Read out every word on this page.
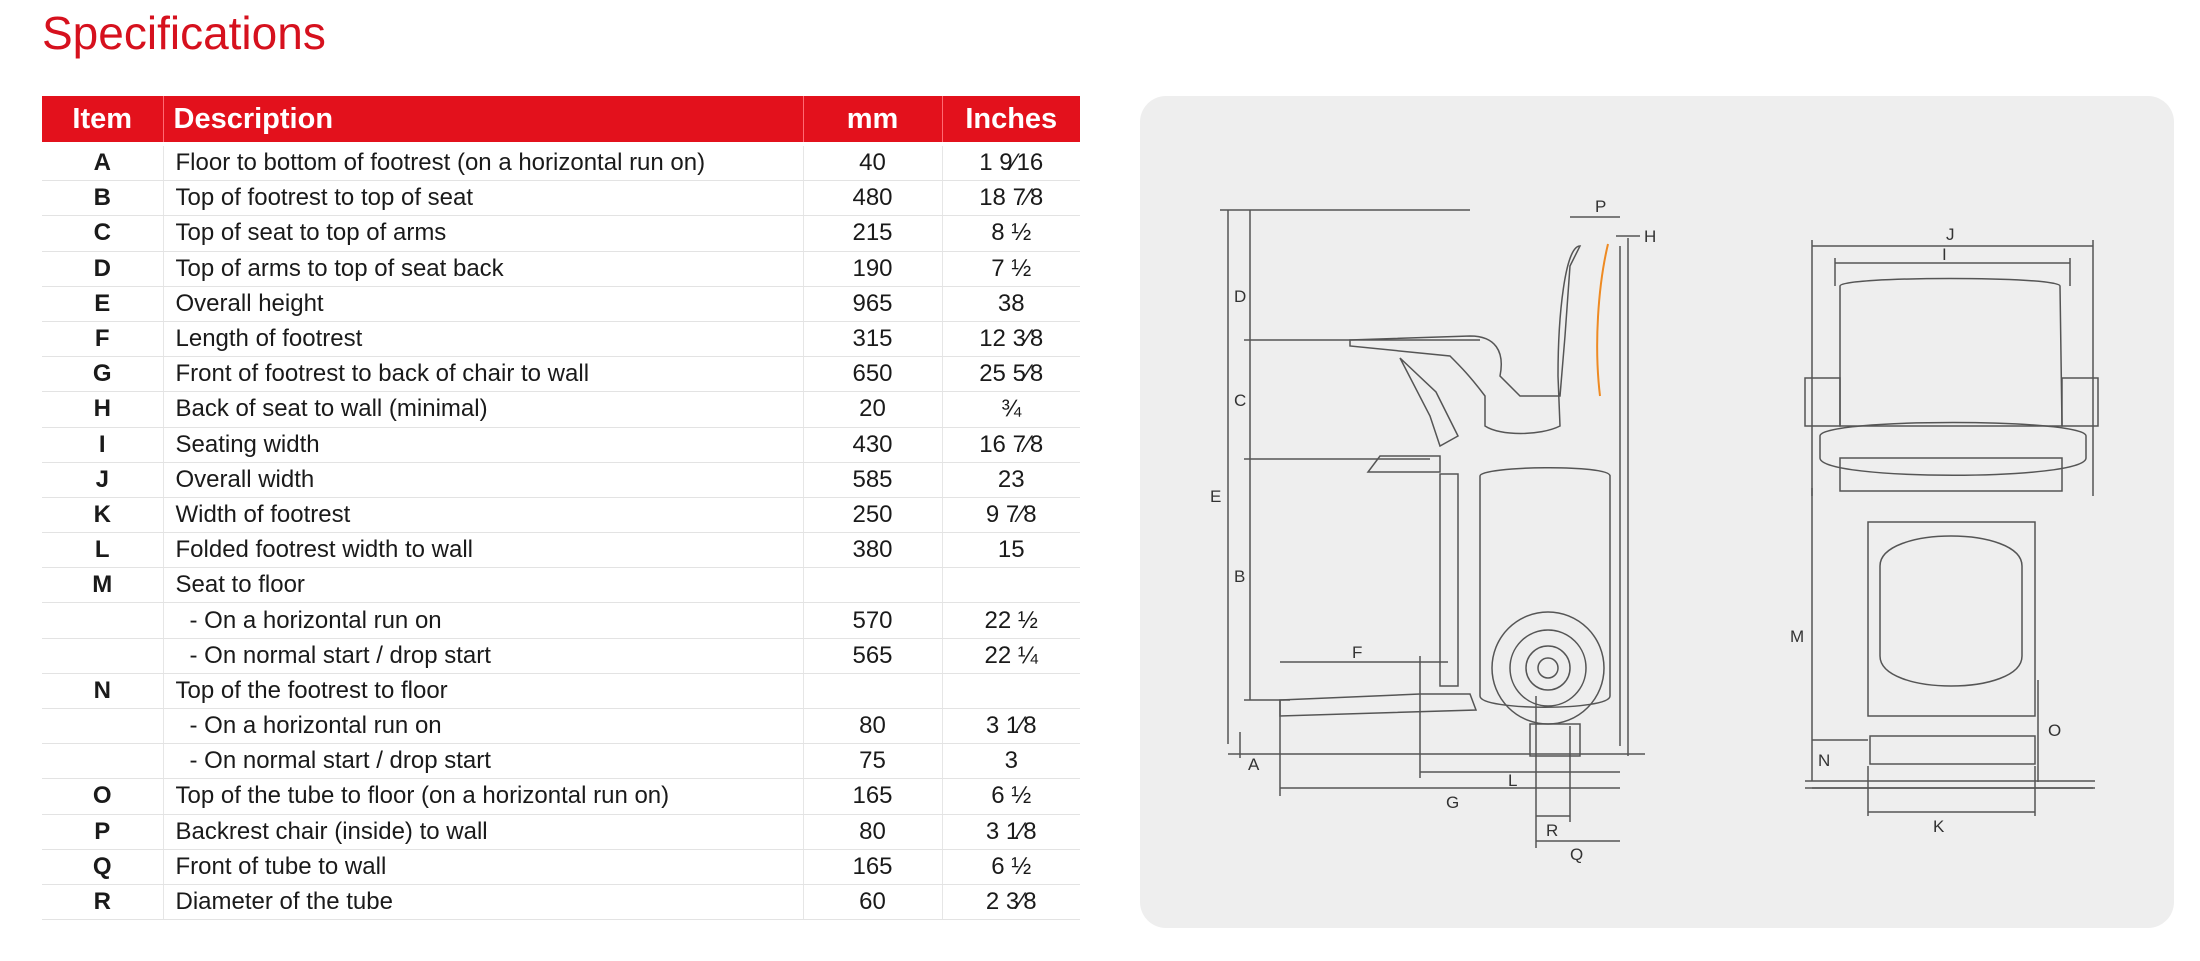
Specifications
Item	Description	mm	Inches
A	Floor to bottom of footrest (on a horizontal run on)	40	1 9⁄16
B	Top of footrest to top of seat	480	18 7⁄8
C	Top of seat to top of arms	215	8 ½
D	Top of arms to top of seat back	190	7 ½
E	Overall height	965	38
F	Length of footrest	315	12 3⁄8
G	Front of footrest to back of chair to wall	650	25 5⁄8
H	Back of seat to wall (minimal)	20	¾
I	Seating width	430	16 7⁄8
J	Overall width	585	23
K	Width of footrest	250	9 7⁄8
L	Folded footrest width to wall	380	15
M	Seat to floor		
	- On a horizontal run on	570	22 ½
	- On normal start / drop start	565	22 ¼
N	Top of the footrest to floor		
	- On a horizontal run on	80	3 1⁄8
	- On normal start / drop start	75	3
O	Top of the tube to floor (on a horizontal run on)	165	6 ½
P	Backrest chair (inside) to wall	80	3 1⁄8
Q	Front of tube to wall	165	6 ½
R	Diameter of the tube	60	2 3⁄8
P
H
D
C
E
B
F
A
G
L
R
Q
J
I
M
N
O
K
